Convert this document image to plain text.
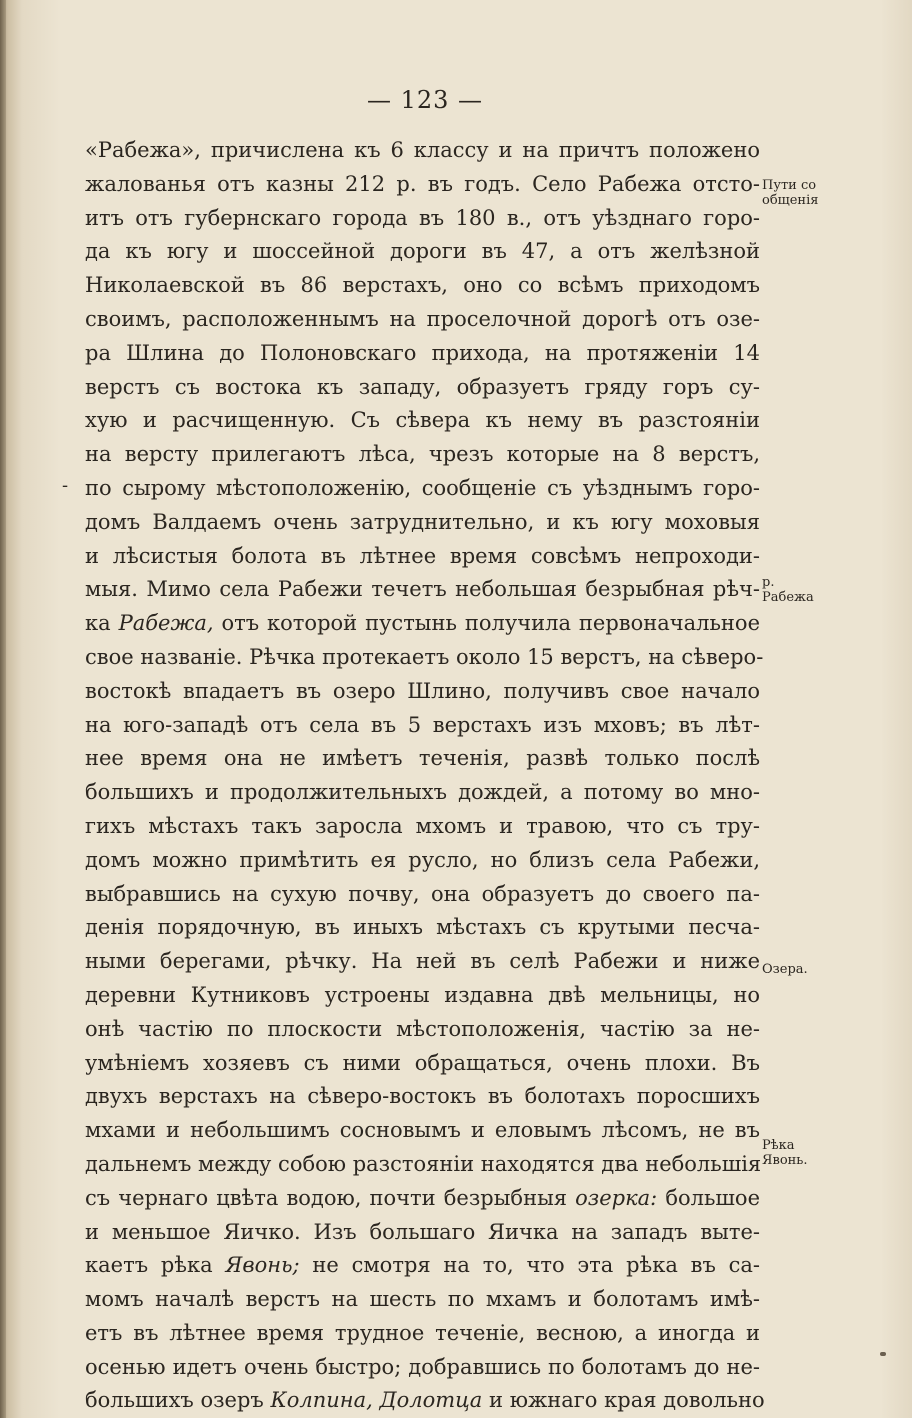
— 123 —
«Рабежа», причислена къ 6 классу и на причтъ положено
жалованья отъ казны 212 р. въ годъ. Село Рабежа отсто-
итъ отъ губернскаго города въ 180 в., отъ уѣзднаго горо-
да къ югу и шоссейной дороги въ 47, а отъ желѣзной
Николаевской въ 86 верстахъ, оно со всѣмъ приходомъ
своимъ, расположеннымъ на проселочной дорогѣ отъ озе-
ра Шлина до Полоновскаго прихода, на протяженіи 14
верстъ съ востока къ западу, образуетъ гряду горъ су-
хую и расчищенную. Съ сѣвера къ нему въ разстояніи
на версту прилегаютъ лѣса, чрезъ которые на 8 верстъ,
по сырому мѣстоположенію, сообщеніе съ уѣзднымъ горо-
домъ Валдаемъ очень затруднительно, и къ югу моховыя
и лѣсистыя болота въ лѣтнее время совсѣмъ непроходи-
мыя. Мимо села Рабежи течетъ небольшая безрыбная рѣч-
ка Рабежа, отъ которой пустынь получила первоначальное
свое названіе. Рѣчка протекаетъ около 15 верстъ, на сѣверо-
востокѣ впадаетъ въ озеро Шлино, получивъ свое начало
на юго-западѣ отъ села въ 5 верстахъ изъ мховъ; въ лѣт-
нее время она не имѣетъ теченія, развѣ только послѣ
большихъ и продолжительныхъ дождей, а потому во мно-
гихъ мѣстахъ такъ заросла мхомъ и травою, что съ тру-
домъ можно примѣтить ея русло, но близъ села Рабежи,
выбравшись на сухую почву, она образуетъ до своего па-
денія порядочную, въ иныхъ мѣстахъ съ крутыми песча-
ными берегами, рѣчку. На ней въ селѣ Рабежи и ниже
деревни Кутниковъ устроены издавна двѣ мельницы, но
онѣ частію по плоскости мѣстоположенія, частію за не-
умѣніемъ хозяевъ съ ними обращаться, очень плохи. Въ
двухъ верстахъ на сѣверо-востокъ въ болотахъ поросшихъ
мхами и небольшимъ сосновымъ и еловымъ лѣсомъ, не въ
дальнемъ между собою разстояніи находятся два небольшія
съ чернаго цвѣта водою, почти безрыбныя озерка: большое
и меньшое Яичко. Изъ большаго Яичка на западъ выте-
каетъ рѣка Явонь; не смотря на то, что эта рѣка въ са-
момъ началѣ верстъ на шесть по мхамъ и болотамъ имѣ-
етъ въ лѣтнее время трудное теченіе, весною, а иногда и
осенью идетъ очень быстро; добравшись по болотамъ до не-
большихъ озеръ Колпина, Долотца и южнаго края довольно
Пути со общенія
р. Рабежа
Озера.
Рѣка Явонь.
-
